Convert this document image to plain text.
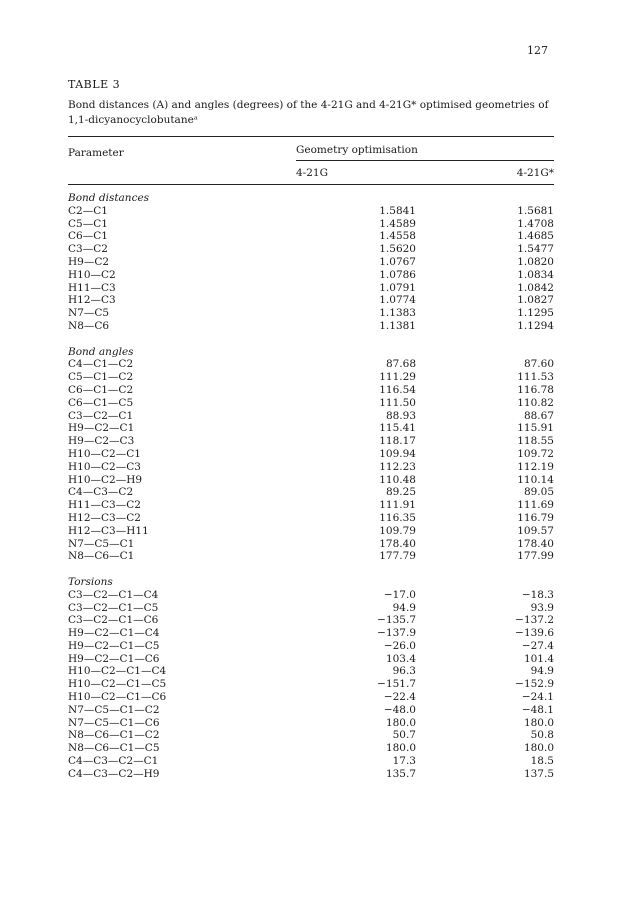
127
TABLE 3
Bond distances (A) and angles (degrees) of the 4-21G and 4-21G* optimised geometries of
1,1-dicyanocyclobutaneᵃ
Parameter	Geometry optimisation
4-21G	4-21G*
Bond distances		
C2—C1	1.5841	1.5681
C5—C1	1.4589	1.4708
C6—C1	1.4558	1.4685
C3—C2	1.5620	1.5477
H9—C2	1.0767	1.0820
H10—C2	1.0786	1.0834
H11—C3	1.0791	1.0842
H12—C3	1.0774	1.0827
N7—C5	1.1383	1.1295
N8—C6	1.1381	1.1294

Bond angles		
C4—C1—C2	87.68	87.60
C5—C1—C2	111.29	111.53
C6—C1—C2	116.54	116.78
C6—C1—C5	111.50	110.82
C3—C2—C1	88.93	88.67
H9—C2—C1	115.41	115.91
H9—C2—C3	118.17	118.55
H10—C2—C1	109.94	109.72
H10—C2—C3	112.23	112.19
H10—C2—H9	110.48	110.14
C4—C3—C2	89.25	89.05
H11—C3—C2	111.91	111.69
H12—C3—C2	116.35	116.79
H12—C3—H11	109.79	109.57
N7—C5—C1	178.40	178.40
N8—C6—C1	177.79	177.99

Torsions		
C3—C2—C1—C4	−17.0	−18.3
C3—C2—C1—C5	94.9	93.9
C3—C2—C1—C6	−135.7	−137.2
H9—C2—C1—C4	−137.9	−139.6
H9—C2—C1—C5	−26.0	−27.4
H9—C2—C1—C6	103.4	101.4
H10—C2—C1—C4	96.3	94.9
H10—C2—C1—C5	−151.7	−152.9
H10—C2—C1—C6	−22.4	−24.1
N7—C5—C1—C2	−48.0	−48.1
N7—C5—C1—C6	180.0	180.0
N8—C6—C1—C2	50.7	50.8
N8—C6—C1—C5	180.0	180.0
C4—C3—C2—C1	17.3	18.5
C4—C3—C2—H9	135.7	137.5
